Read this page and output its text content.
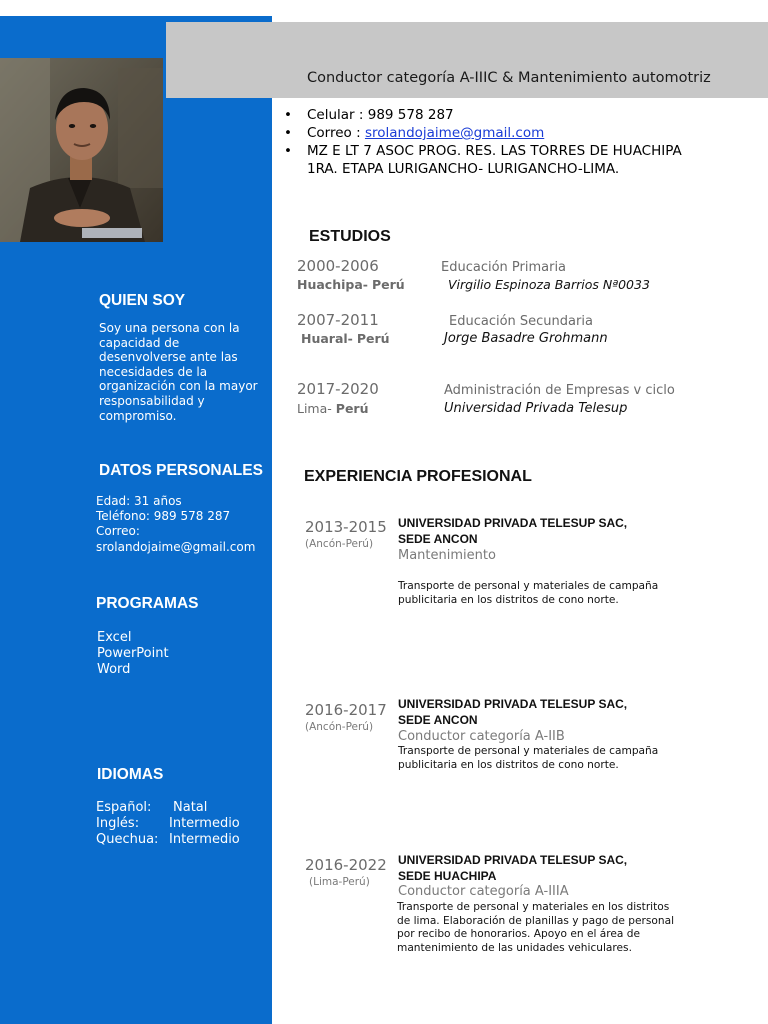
Conductor categoría A-IIIC & Mantenimiento automotriz
• Celular : 989 578 287
• Correo : srolandojaime@gmail.com
• MZ E LT 7 ASOC PROG. RES. LAS TORRES DE HUACHIPA
1RA. ETAPA LURIGANCHO- LURIGANCHO-LIMA.
QUIEN SOY
Soy una persona con la capacidad de desenvolverse ante las necesidades de la organización con la mayor responsabilidad y compromiso.
DATOS PERSONALES
Edad: 31 años
Teléfono: 989 578 287
Correo:
srolandojaime@gmail.com
PROGRAMAS
Excel
PowerPoint
Word
IDIOMAS
Español: Natal
Inglés: Intermedio
Quechua: Intermedio
ESTUDIOS
2000-2006
Huachipa- Perú
Educación Primaria
Virgilio Espinoza Barrios Nª0033
2007-2011
Huaral- Perú
Educación Secundaria
Jorge Basadre Grohmann
2017-2020
Lima- Perú
Administración de Empresas v ciclo
Universidad Privada Telesup
EXPERIENCIA PROFESIONAL
2013-2015
(Ancón-Perú)
UNIVERSIDAD PRIVADA TELESUP SAC,
SEDE ANCON
Mantenimiento
Transporte de personal y materiales de campaña publicitaria en los distritos de cono norte.
2016-2017
(Ancón-Perú)
UNIVERSIDAD PRIVADA TELESUP SAC,
SEDE ANCON
Conductor categoría A-IIB
Transporte de personal y materiales de campaña publicitaria en los distritos de cono norte.
2016-2022
(Lima-Perú)
UNIVERSIDAD PRIVADA TELESUP SAC,
SEDE HUACHIPA
Conductor categoría A-IIIA
Transporte de personal y materiales en los distritos de lima. Elaboración de planillas y pago de personal por recibo de honorarios. Apoyo en el área de mantenimiento de las unidades vehiculares.
